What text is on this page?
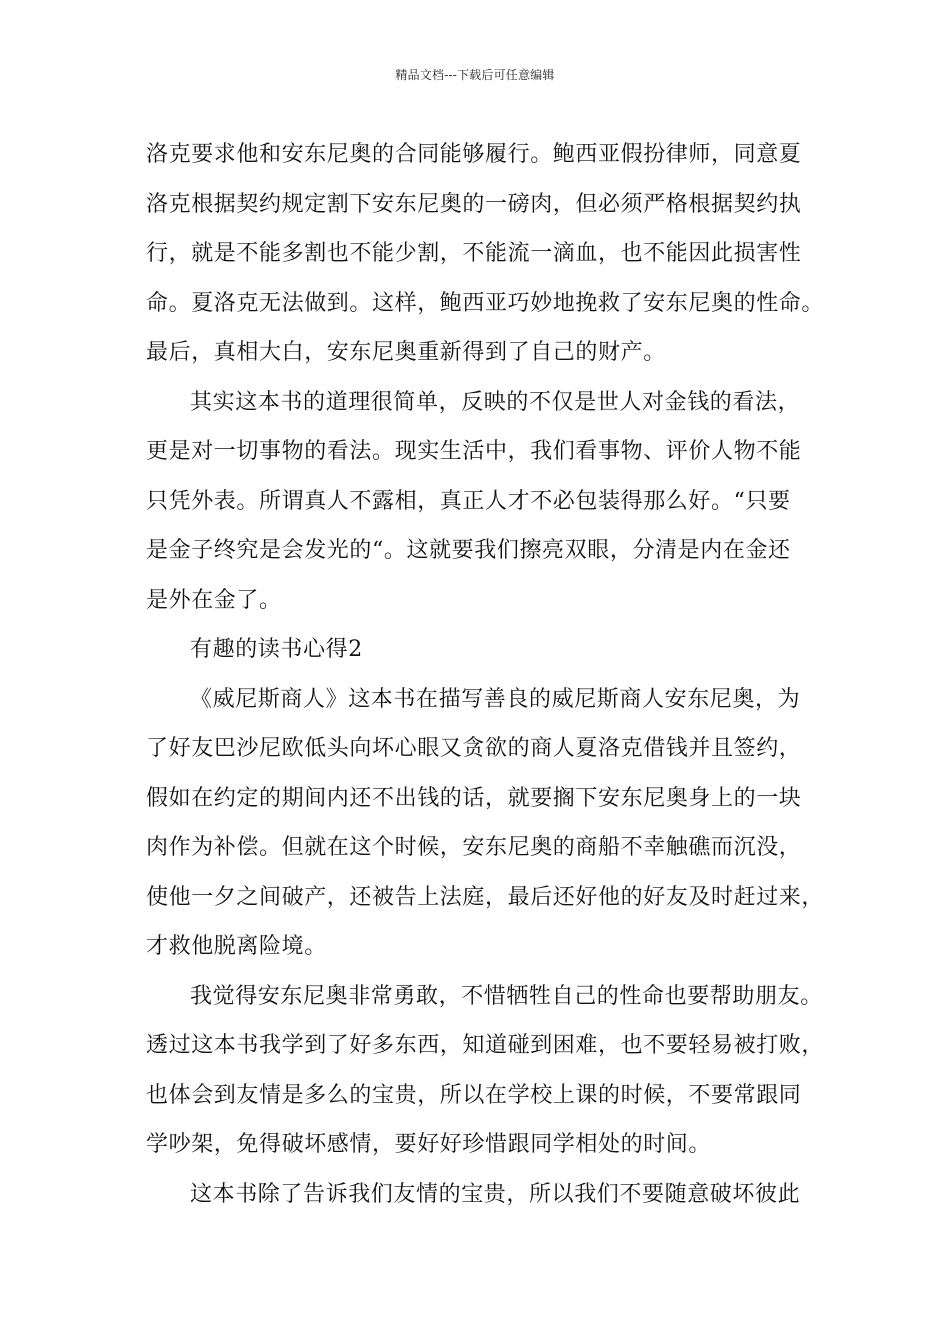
精品文档---下载后可任意编辑
洛克要求他和安东尼奥的合同能够履行。鲍西亚假扮律师，同意夏
洛克根据契约规定割下安东尼奥的一磅肉，但必须严格根据契约执
行，就是不能多割也不能少割，不能流一滴血，也不能因此损害性
命。夏洛克无法做到。这样，鲍西亚巧妙地挽救了安东尼奥的性命。
最后，真相大白，安东尼奥重新得到了自己的财产。
其实这本书的道理很简单，反映的不仅是世人对金钱的看法，
更是对一切事物的看法。现实生活中，我们看事物、评价人物不能
只凭外表。所谓真人不露相，真正人才不必包装得那么好。“只要
是金子终究是会发光的“。这就要我们擦亮双眼，分清是内在金还
是外在金了。
有趣的读书心得2
《威尼斯商人》这本书在描写善良的威尼斯商人安东尼奥，为
了好友巴沙尼欧低头向坏心眼又贪欲的商人夏洛克借钱并且签约，
假如在约定的期间内还不出钱的话，就要搁下安东尼奥身上的一块
肉作为补偿。但就在这个时候，安东尼奥的商船不幸触礁而沉没，
使他一夕之间破产，还被告上法庭，最后还好他的好友及时赶过来，
才救他脱离险境。
我觉得安东尼奥非常勇敢，不惜牺牲自己的性命也要帮助朋友。
透过这本书我学到了好多东西，知道碰到困难，也不要轻易被打败，
也体会到友情是多么的宝贵，所以在学校上课的时候，不要常跟同
学吵架，免得破坏感情，要好好珍惜跟同学相处的时间。
这本书除了告诉我们友情的宝贵，所以我们不要随意破坏彼此
